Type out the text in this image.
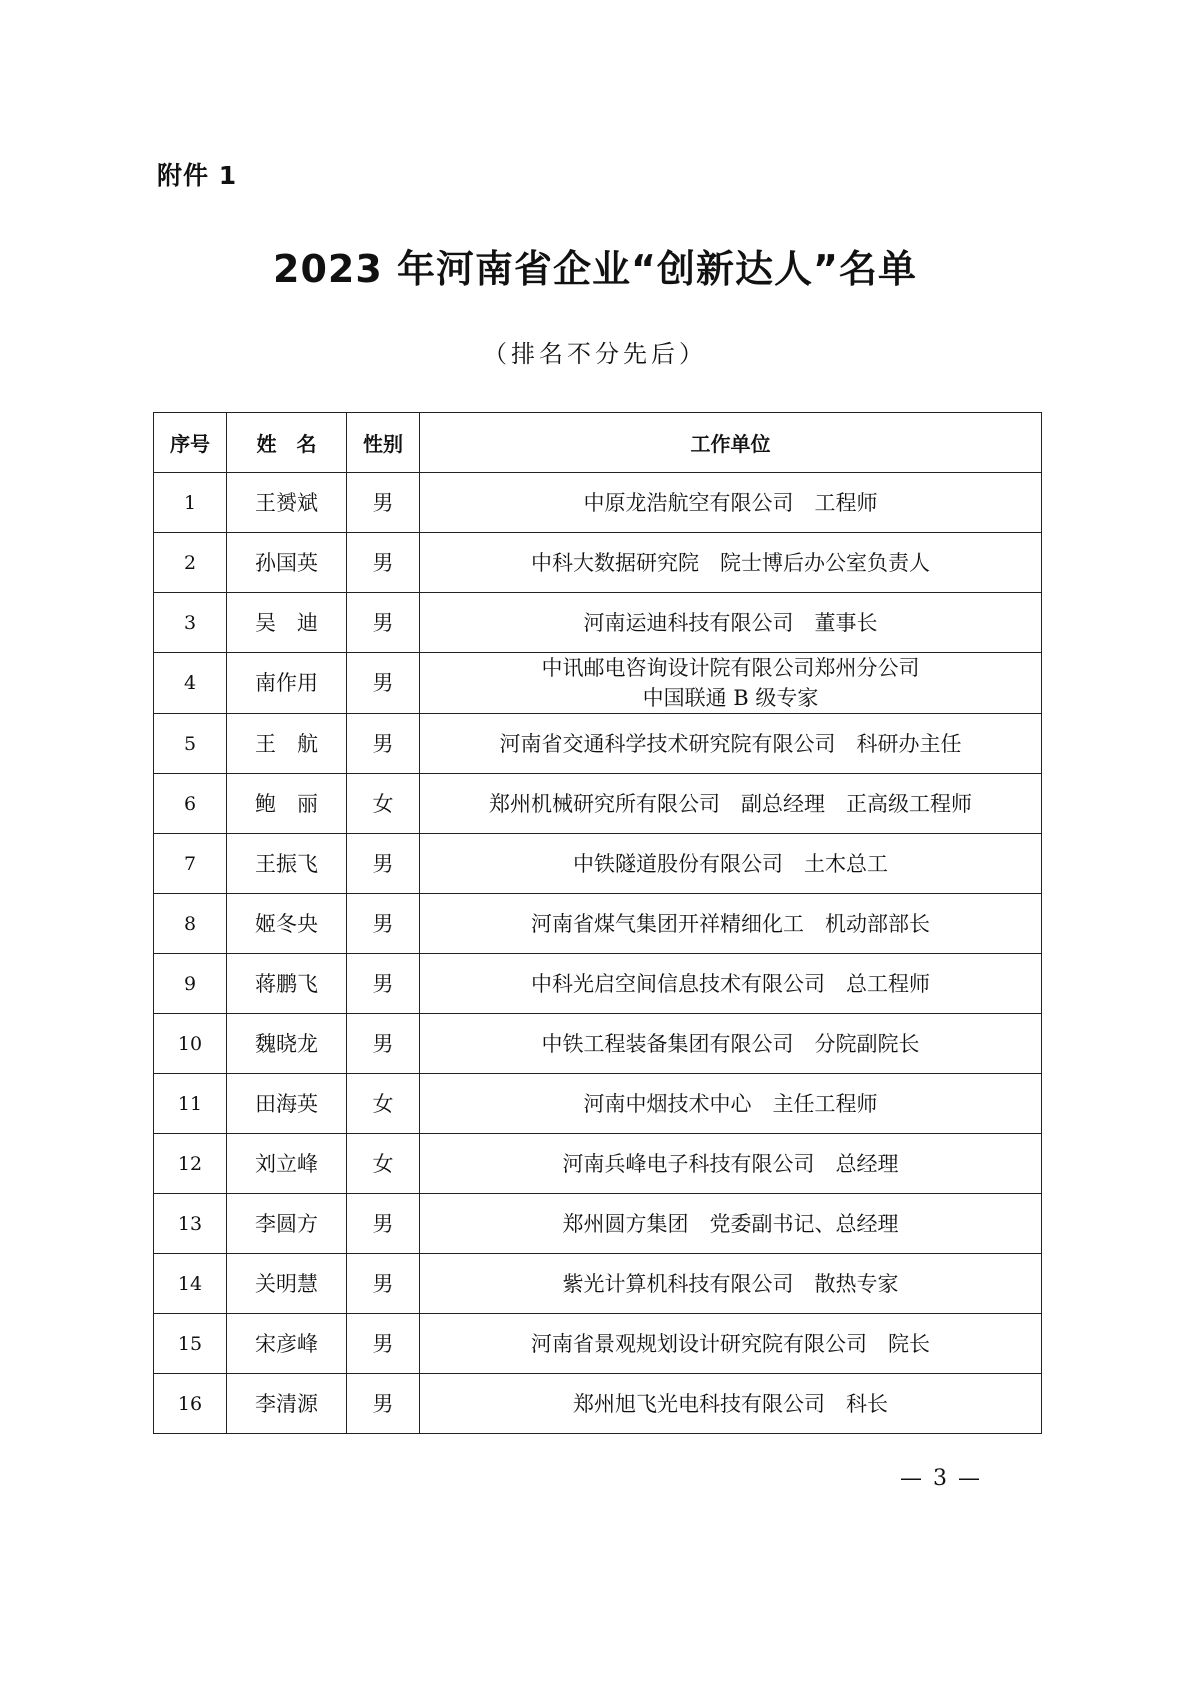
附件 1
2023 年河南省企业“创新达人”名单
（排名不分先后）
序号	姓　名	性别	工作单位
1	王赟斌	男	中原龙浩航空有限公司　工程师
2	孙国英	男	中科大数据研究院　院士博后办公室负责人
3	吴　迪	男	河南运迪科技有限公司　董事长
4	南作用	男	中讯邮电咨询设计院有限公司郑州分公司
中国联通 B 级专家
5	王　航	男	河南省交通科学技术研究院有限公司　科研办主任
6	鲍　丽	女	郑州机械研究所有限公司　副总经理　正高级工程师
7	王振飞	男	中铁隧道股份有限公司　土木总工
8	姬冬央	男	河南省煤气集团开祥精细化工　机动部部长
9	蒋鹏飞	男	中科光启空间信息技术有限公司　总工程师
10	魏晓龙	男	中铁工程装备集团有限公司　分院副院长
11	田海英	女	河南中烟技术中心　主任工程师
12	刘立峰	女	河南兵峰电子科技有限公司　总经理
13	李圆方	男	郑州圆方集团　党委副书记、总经理
14	关明慧	男	紫光计算机科技有限公司　散热专家
15	宋彦峰	男	河南省景观规划设计研究院有限公司　院长
16	李清源	男	郑州旭飞光电科技有限公司　科长
— 3 —
